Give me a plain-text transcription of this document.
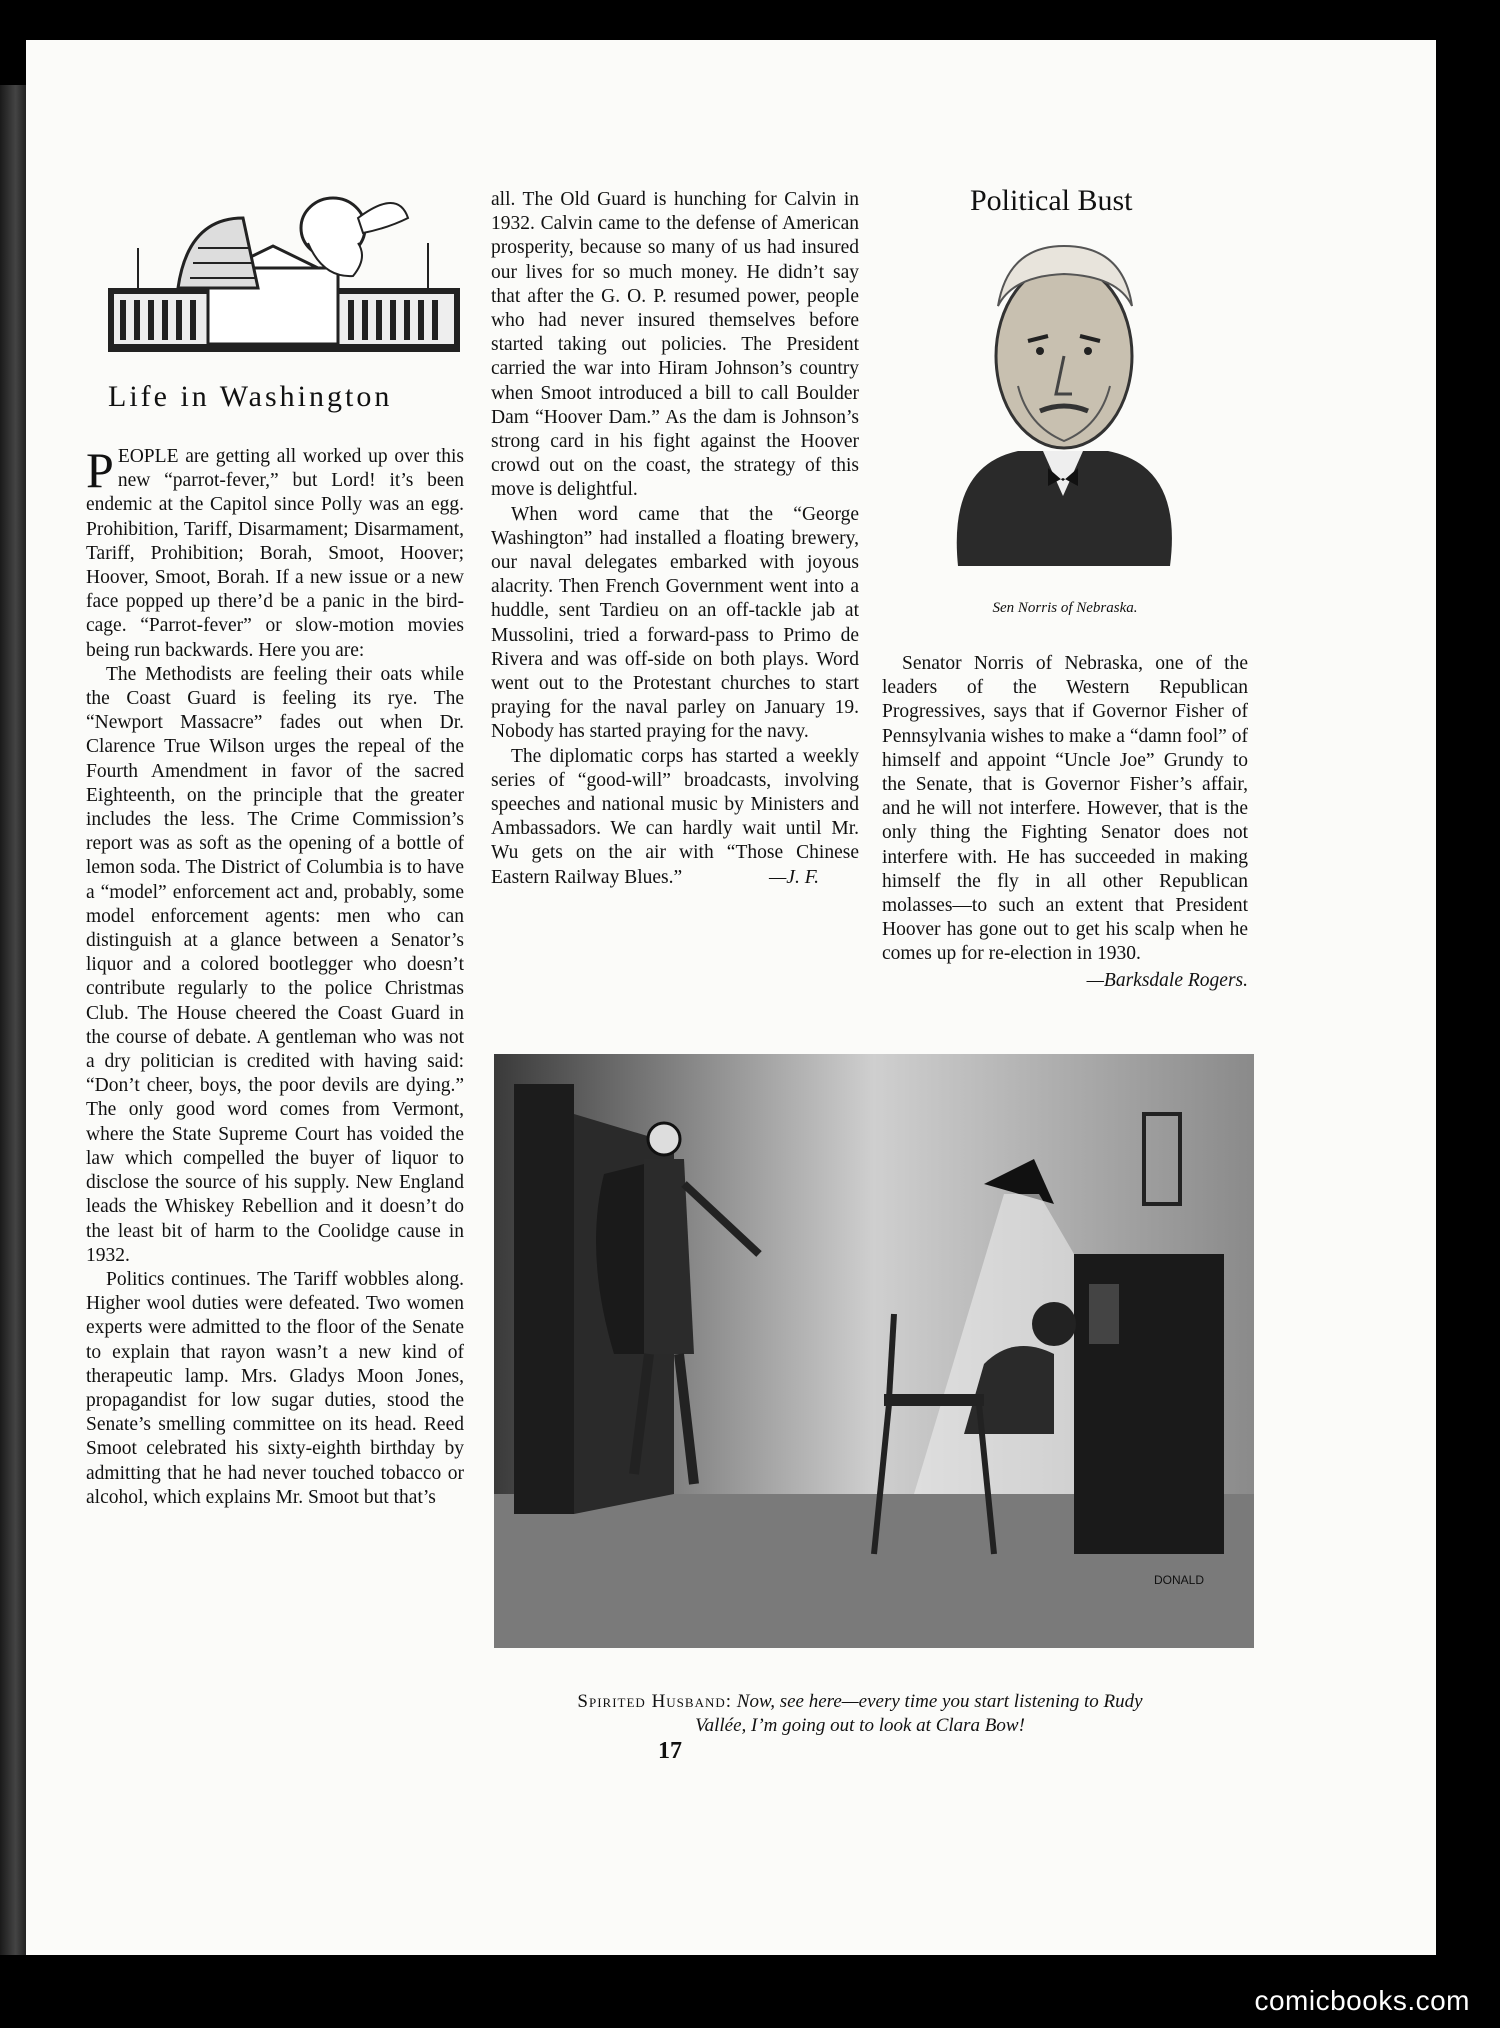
Life in Washington

PEOPLE are getting all worked up over this new “parrot-fever,” but Lord! it’s been endemic at the Capitol since Polly was an egg. Prohibition, Tariff, Disarmament; Disarmament, Tariff, Prohibition; Borah, Smoot, Hoover; Hoover, Smoot, Borah. If a new issue or a new face popped up there’d be a panic in the bird-cage. “Parrot-fever” or slow-motion movies being run backwards. Here you are:

The Methodists are feeling their oats while the Coast Guard is feeling its rye. The “Newport Massacre” fades out when Dr. Clarence True Wilson urges the repeal of the Fourth Amendment in favor of the sacred Eighteenth, on the principle that the greater includes the less. The Crime Commission’s report was as soft as the opening of a bottle of lemon soda. The District of Columbia is to have a “model” enforcement act and, probably, some model enforcement agents: men who can distinguish at a glance between a Senator’s liquor and a colored bootlegger who doesn’t contribute regularly to the police Christmas Club. The House cheered the Coast Guard in the course of debate. A gentleman who was not a dry politician is credited with having said: “Don’t cheer, boys, the poor devils are dying.” The only good word comes from Vermont, where the State Supreme Court has voided the law which compelled the buyer of liquor to disclose the source of his supply. New England leads the Whiskey Rebellion and it doesn’t do the least bit of harm to the Coolidge cause in 1932.

Politics continues. The Tariff wobbles along. Higher wool duties were defeated. Two women experts were admitted to the floor of the Senate to explain that rayon wasn’t a new kind of therapeutic lamp. Mrs. Gladys Moon Jones, propagandist for low sugar duties, stood the Senate’s smelling committee on its head. Reed Smoot celebrated his sixty-eighth birthday by admitting that he had never touched tobacco or alcohol, which explains Mr. Smoot but that’s

all. The Old Guard is hunching for Calvin in 1932. Calvin came to the defense of American prosperity, because so many of us had insured our lives for so much money. He didn’t say that after the G. O. P. resumed power, people who had never insured themselves before started taking out policies. The President carried the war into Hiram Johnson’s country when Smoot introduced a bill to call Boulder Dam “Hoover Dam.” As the dam is Johnson’s strong card in his fight against the Hoover crowd out on the coast, the strategy of this move is delightful.

When word came that the “George Washington” had installed a floating brewery, our naval delegates embarked with joyous alacrity. Then French Government went into a huddle, sent Tardieu on an off-tackle jab at Mussolini, tried a forward-pass to Primo de Rivera and was off-side on both plays. Word went out to the Protestant churches to start praying for the naval parley on January 19. Nobody has started praying for the navy.

The diplomatic corps has started a weekly series of “good-will” broadcasts, involving speeches and national music by Ministers and Ambassadors. We can hardly wait until Mr. Wu gets on the air with “Those Chinese Eastern Railway Blues.”	—J. F.

Political Bust
Sen Norris of Nebraska.

Senator Norris of Nebraska, one of the leaders of the Western Republican Progressives, says that if Governor Fisher of Pennsylvania wishes to make a “damn fool” of himself and appoint “Uncle Joe” Grundy to the Senate, that is Governor Fisher’s affair, and he will not interfere. However, that is the only thing the Fighting Senator does not interfere with. He has succeeded in making himself the fly in all other Republican molasses—to such an extent that President Hoover has gone out to get his scalp when he comes up for re-election in 1930.

—Barksdale Rogers.
DONALD
Spirited Husband: Now, see here—every time you start listening to Rudy Vallée, I’m going out to look at Clara Bow!
17
comicbooks.com
